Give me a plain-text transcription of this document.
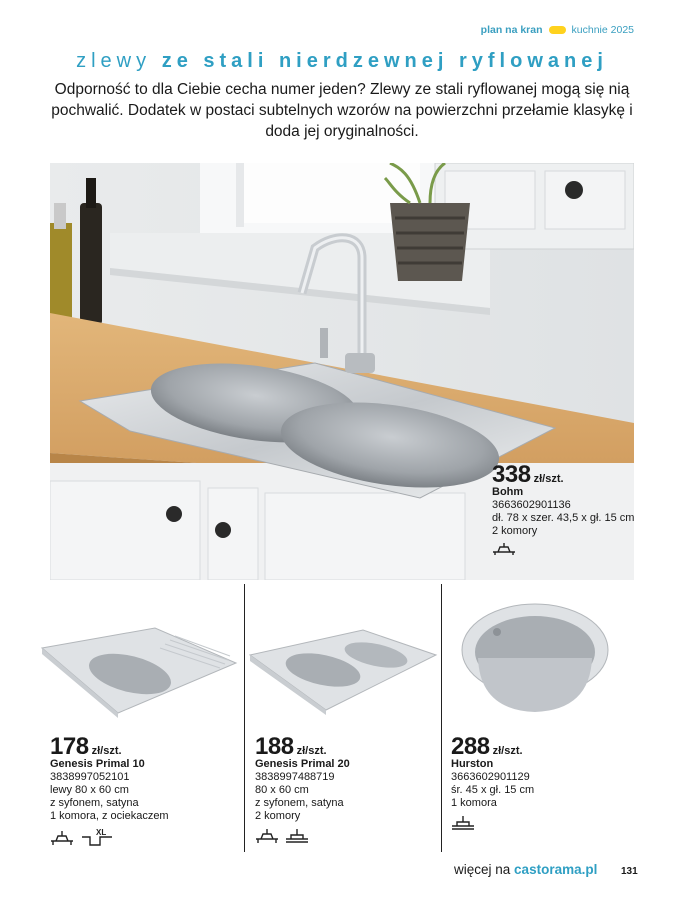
plan na kran	kuchnie 2025
zlewy ze stali nierdzewnej ryflowanej
Odporność to dla Ciebie cecha numer jeden? Zlewy ze stali ryflowanej mogą się nią pochwalić. Dodatek w postaci subtelnych wzorów na powierzchni przełamie klasykę i doda jej oryginalności.
338 zł/szt.
Bohm
3663602901136
dł. 78 x szer. 43,5 x gł. 15 cm
2 komory
178 zł/szt.
Genesis Primal 10
3838997052101
lewy 80 x 60 cm
z syfonem, satyna
1 komora, z ociekaczem
XL
188 zł/szt.
Genesis Primal 20
3838997488719
80 x 60 cm
z syfonem, satyna
2 komory
288 zł/szt.
Hurston
3663602901129
śr. 45 x gł. 15 cm
1 komora
więcej na castorama.pl 131
